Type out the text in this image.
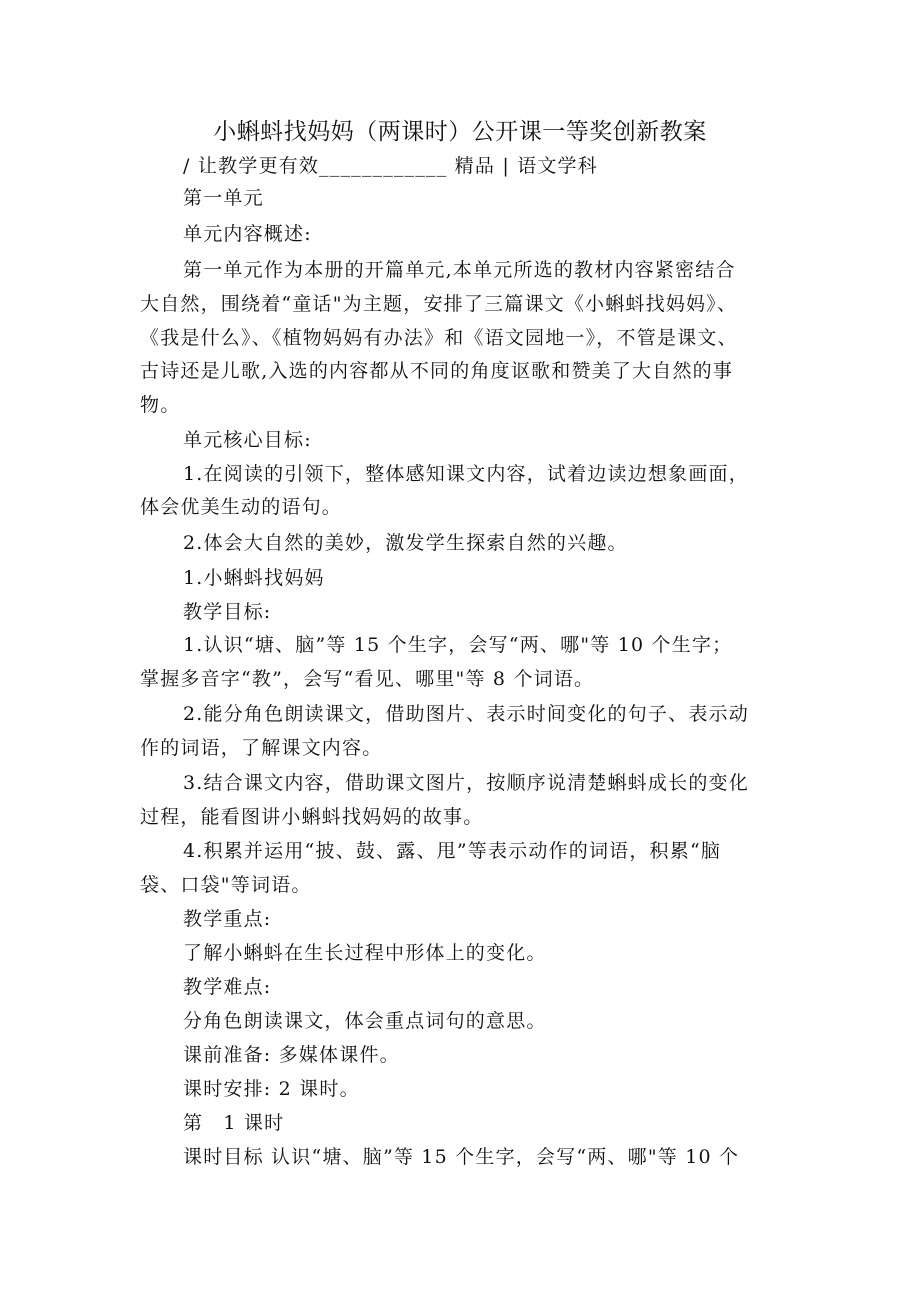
小蝌蚪找妈妈（两课时）公开课一等奖创新教案
/ 让教学更有效____________ 精品 | 语文学科
第一单元
单元内容概述:
第一单元作为本册的开篇单元,本单元所选的教材内容紧密结合
大自然，围绕着“童话"为主题，安排了三篇课文《小蝌蚪找妈妈》、
《我是什么》、《植物妈妈有办法》和《语文园地一》，不管是课文、
古诗还是儿歌,入选的内容都从不同的角度讴歌和赞美了大自然的事
物。
单元核心目标:
1.在阅读的引领下，整体感知课文内容，试着边读边想象画面，
体会优美生动的语句。
2.体会大自然的美妙，激发学生探索自然的兴趣。
1.小蝌蚪找妈妈
教学目标:
1.认识“塘、脑”等 15 个生字，会写“两、哪"等 10 个生字；
掌握多音字“教”，会写“看见、哪里"等 8 个词语。
2.能分角色朗读课文，借助图片、表示时间变化的句子、表示动
作的词语，了解课文内容。
3.结合课文内容，借助课文图片，按顺序说清楚蝌蚪成长的变化
过程，能看图讲小蝌蚪找妈妈的故事。
4.积累并运用“披、鼓、露、甩”等表示动作的词语，积累“脑
袋、口袋"等词语。
教学重点:
了解小蝌蚪在生长过程中形体上的变化。
教学难点:
分角色朗读课文，体会重点词句的意思。
课前准备: 多媒体课件。
课时安排: 2 课时。
第　1 课时
课时目标 认识“塘、脑”等 15 个生字，会写“两、哪"等 10 个
